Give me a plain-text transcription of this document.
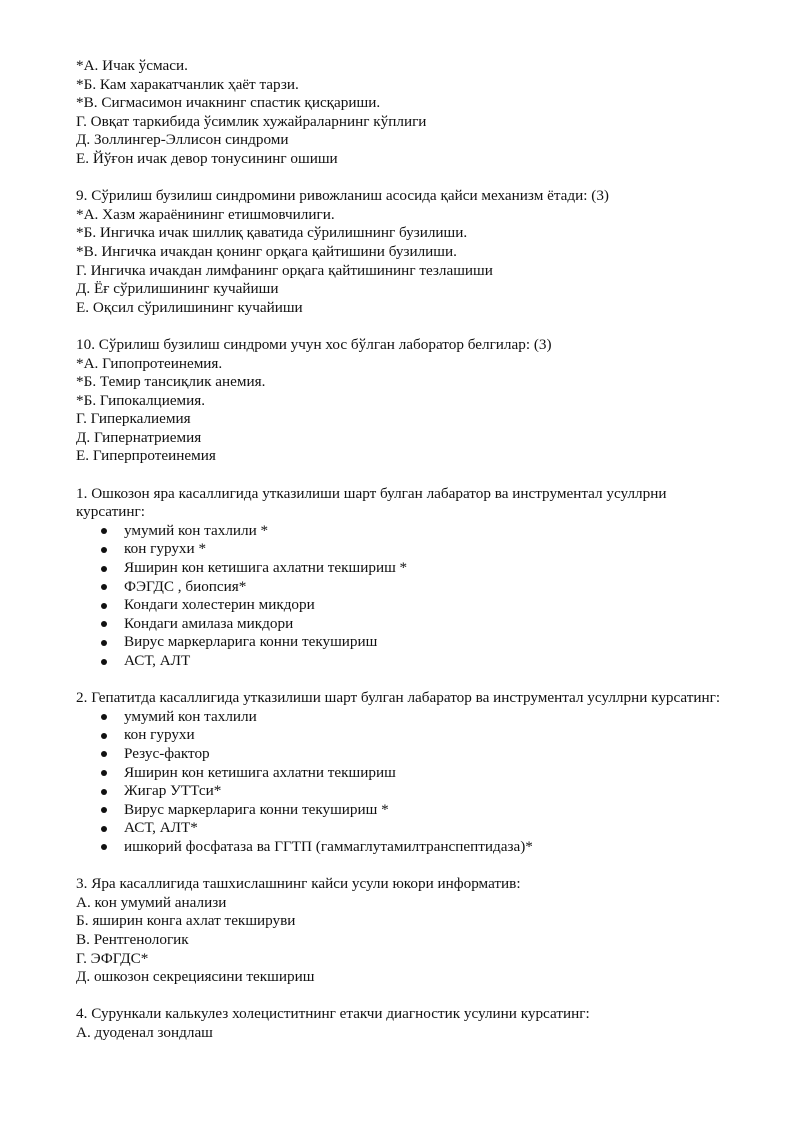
*А. Ичак ўсмаси.
*Б. Кам харакатчанлик ҳаёт тарзи.
*В. Сигмасимон ичакнинг спастик қисқариши.
Г. Овқат таркибида ўсимлик хужайраларнинг кўплиги
Д. Золлингер-Эллисон синдроми
Е. Йўғон ичак девор тонусининг ошиши
9. Сўрилиш бузилиш синдромини ривожланиш асосида қайси механизм ётади: (3)
*А. Хазм жараёнининг етишмовчилиги.
*Б. Ингичка ичак шиллиқ қаватида сўрилишнинг бузилиши.
*В. Ингичка ичакдан қонинг орқага қайтишини бузилиши.
Г. Ингичка ичакдан лимфанинг орқага қайтишининг тезлашиши
Д. Ёғ сўрилишининг кучайиши
Е. Оқсил сўрилишининг кучайиши
10. Сўрилиш бузилиш синдроми учун хос бўлган лаборатор белгилар: (3)
*А. Гипопротеинемия.
*Б. Темир тансиқлик анемия.
*Б. Гипокалциемия.
Г. Гиперкалиемия
Д. Гипернатриемия
Е. Гиперпротеинемия
1. Ошкозон яра касаллигида утказилиши шарт булган лабаратор ва инструментал усуллрни курсатинг:
умумий кон тахлили *
кон гурухи *
Яширин кон кетишига ахлатни текшириш *
ФЭГДС , биопсия*
Кондаги холестерин микдори
Кондаги амилаза микдори
Вирус маркерларига конни текушириш
АСТ, АЛТ
2. Гепатитда касаллигида утказилиши шарт булган лабаратор ва инструментал усуллрни курсатинг:
умумий кон тахлили
кон гурухи
Резус-фактор
Яширин кон кетишига ахлатни текшириш
Жигар УТТси*
Вирус маркерларига конни текушириш *
АСТ, АЛТ*
ишкорий фосфатаза ва ГГТП (гаммаглутамилтранспептидаза)*
3. Яра касаллигида ташхислашнинг кайси усули юкори информатив:
А. кон умумий анализи
Б. яширин конга ахлат текшируви
В. Рентгенологик
Г. ЭФГДС*
Д. ошкозон секрециясини текшириш
4. Сурункали калькулез холециститнинг етакчи диагностик усулини курсатинг:
А. дуоденал зондлаш
